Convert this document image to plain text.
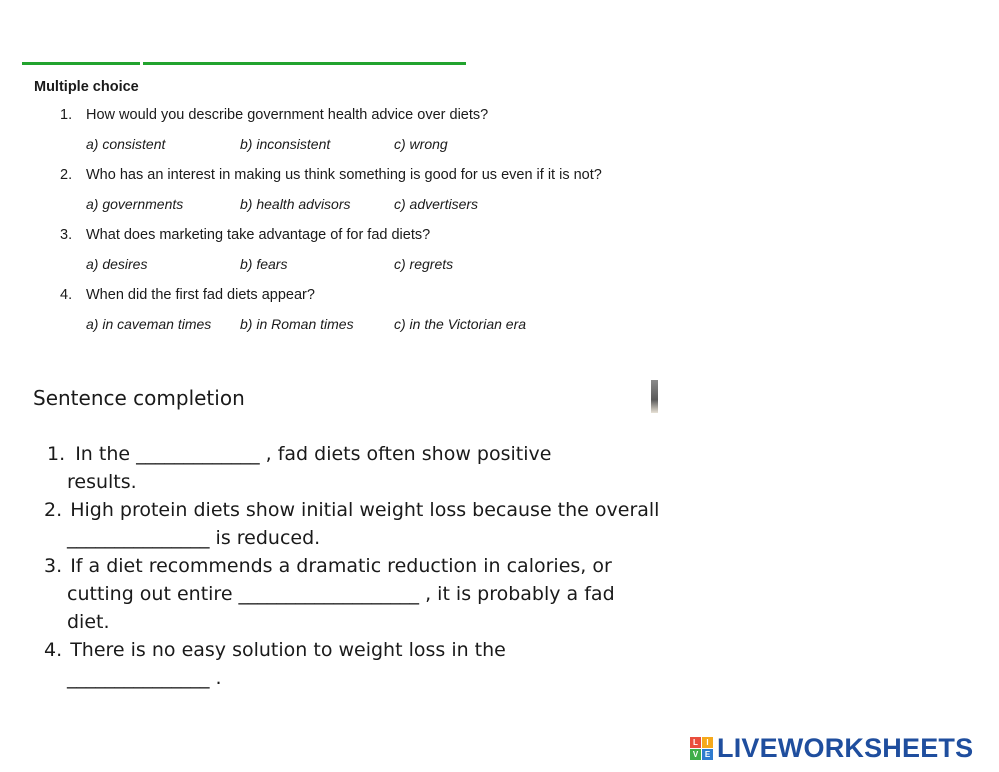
Multiple choice
1. How would you describe government health advice over diets?
a) consistent	b) inconsistent	c) wrong
2. Who has an interest in making us think something is good for us even if it is not?
a) governments	b) health advisors	c) advertisers
3. What does marketing take advantage of for fad diets?
a) desires	b) fears	c) regrets
4. When did the first fad diets appear?
a) in caveman times b) in Roman times	c) in the Victorian era
Sentence completion
1. In the _____________ , fad diets often show positive
results.
2. High protein diets show initial weight loss because the overall
_______________ is reduced.
3. If a diet recommends a dramatic reduction in calories, or
cutting out entire ___________________ , it is probably a fad
diet.
4. There is no easy solution to weight loss in the
_______________ .
L	I
V E LIVEWORKSHEETS
